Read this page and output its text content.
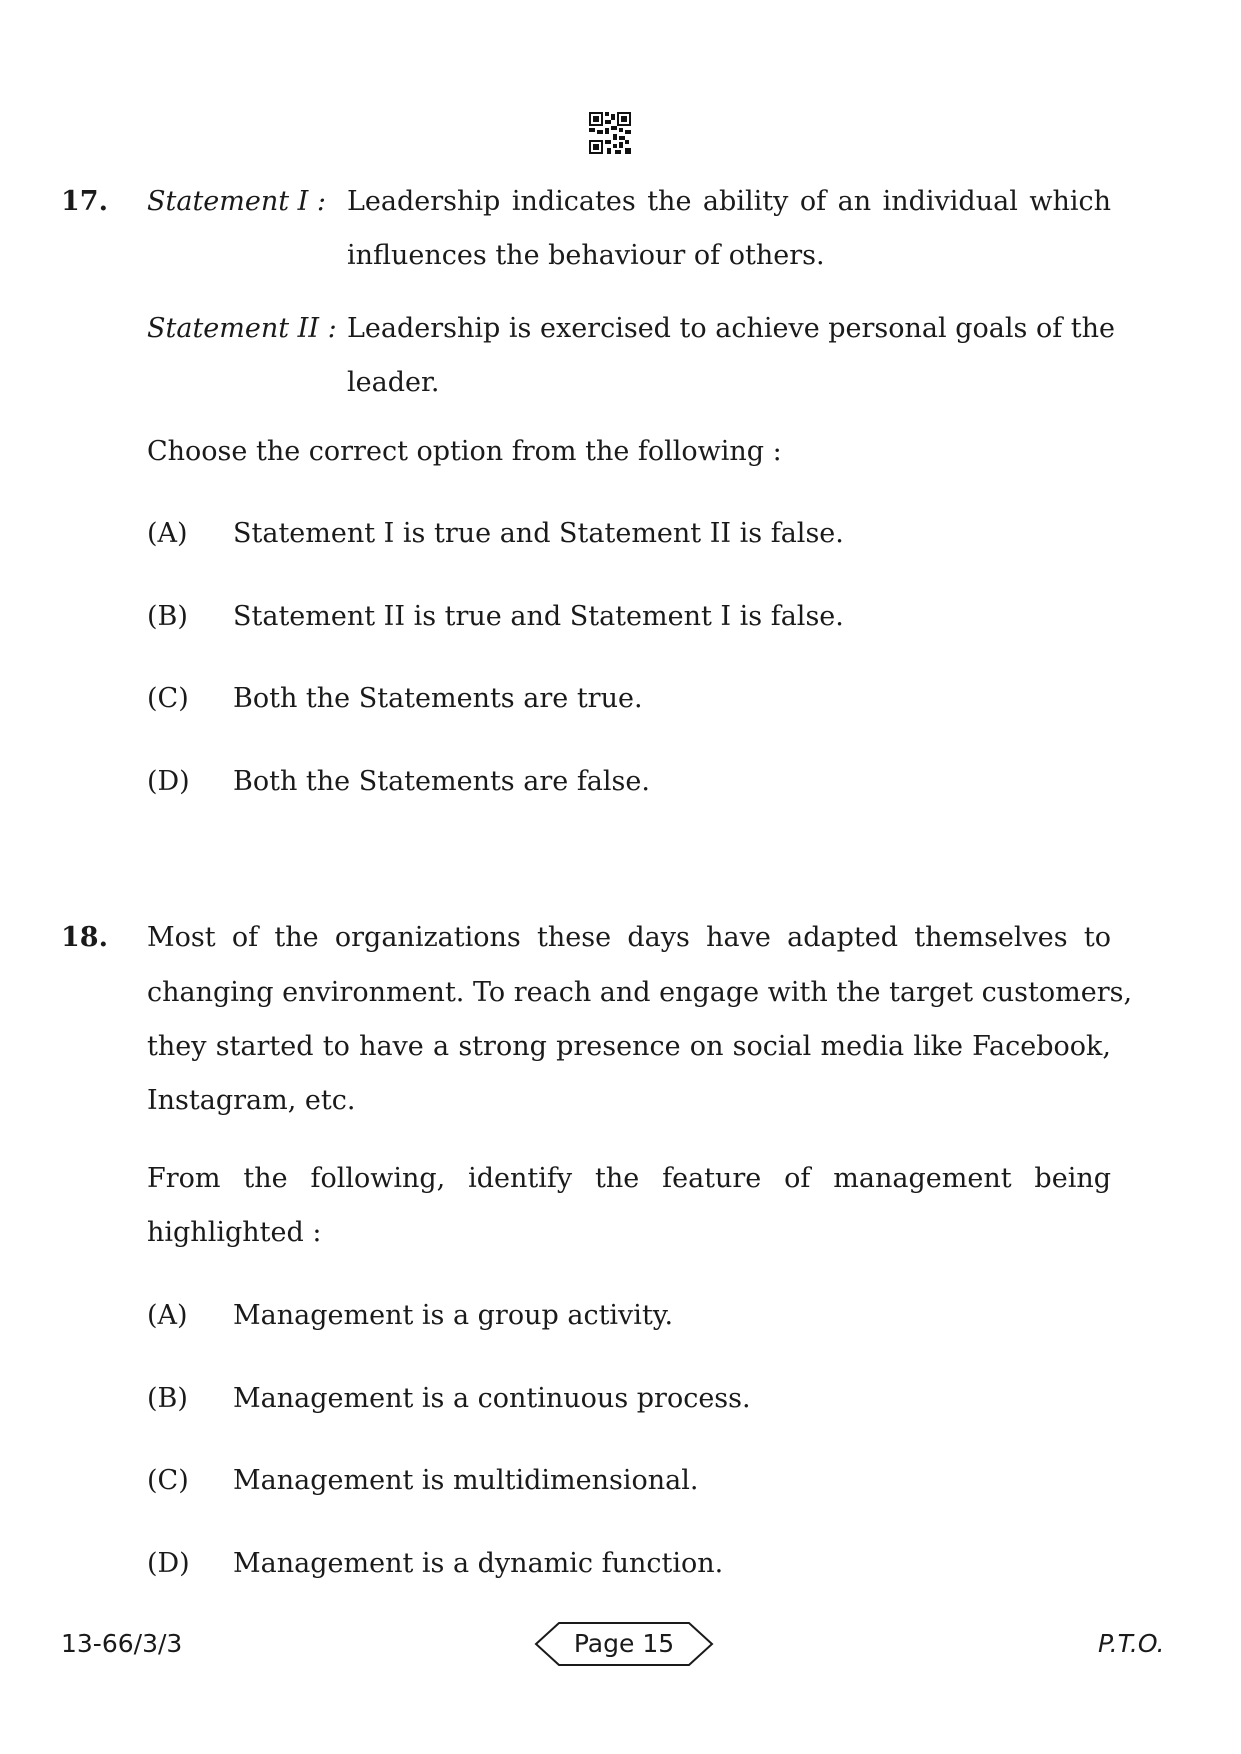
17. Statement I : Leadership indicates the ability of an individual which
influences the behaviour of others.
Statement II : Leadership is exercised to achieve personal goals of the
leader.
Choose the correct option from the following :
(A) Statement I is true and Statement II is false.
(B) Statement II is true and Statement I is false.
(C) Both the Statements are true.
(D) Both the Statements are false.
18. Most of the organizations these days have adapted themselves to
changing environment. To reach and engage with the target customers,
they started to have a strong presence on social media like Facebook,
Instagram, etc.
From the following, identify the feature of management being
highlighted :
(A) Management is a group activity.
(B) Management is a continuous process.
(C) Management is multidimensional.
(D) Management is a dynamic function.
13-66/3/3	Page 15	P.T.O.
